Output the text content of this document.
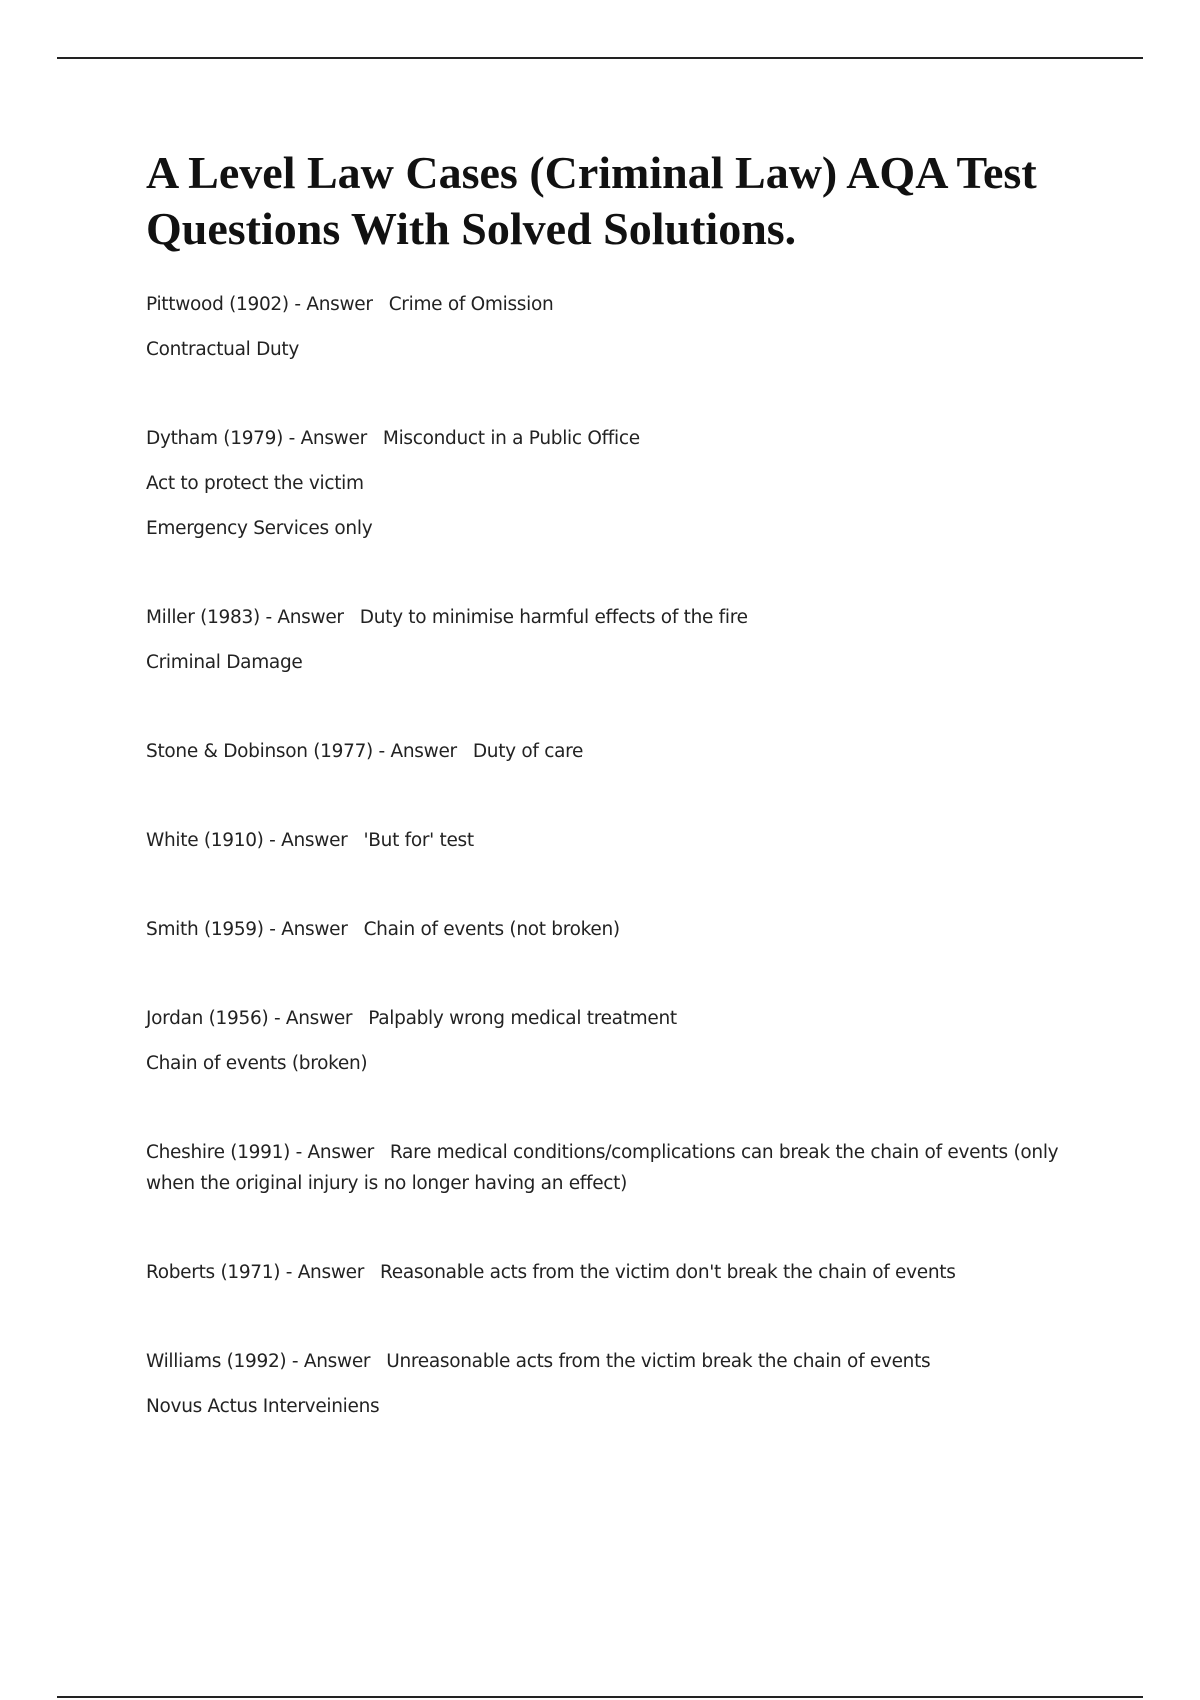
A Level Law Cases (Criminal Law) AQA Test Questions With Solved Solutions.

Pittwood (1902) - Answer Crime of Omission

Contractual Duty

Dytham (1979) - Answer Misconduct in a Public Office

Act to protect the victim

Emergency Services only

Miller (1983) - Answer Duty to minimise harmful effects of the fire

Criminal Damage

Stone & Dobinson (1977) - Answer Duty of care

White (1910) - Answer 'But for' test

Smith (1959) - Answer Chain of events (not broken)

Jordan (1956) - Answer Palpably wrong medical treatment

Chain of events (broken)

Cheshire (1991) - Answer Rare medical conditions/complications can break the chain of events (only when the original injury is no longer having an effect)

Roberts (1971) - Answer Reasonable acts from the victim don't break the chain of events

Williams (1992) - Answer Unreasonable acts from the victim break the chain of events

Novus Actus Interveiniens
